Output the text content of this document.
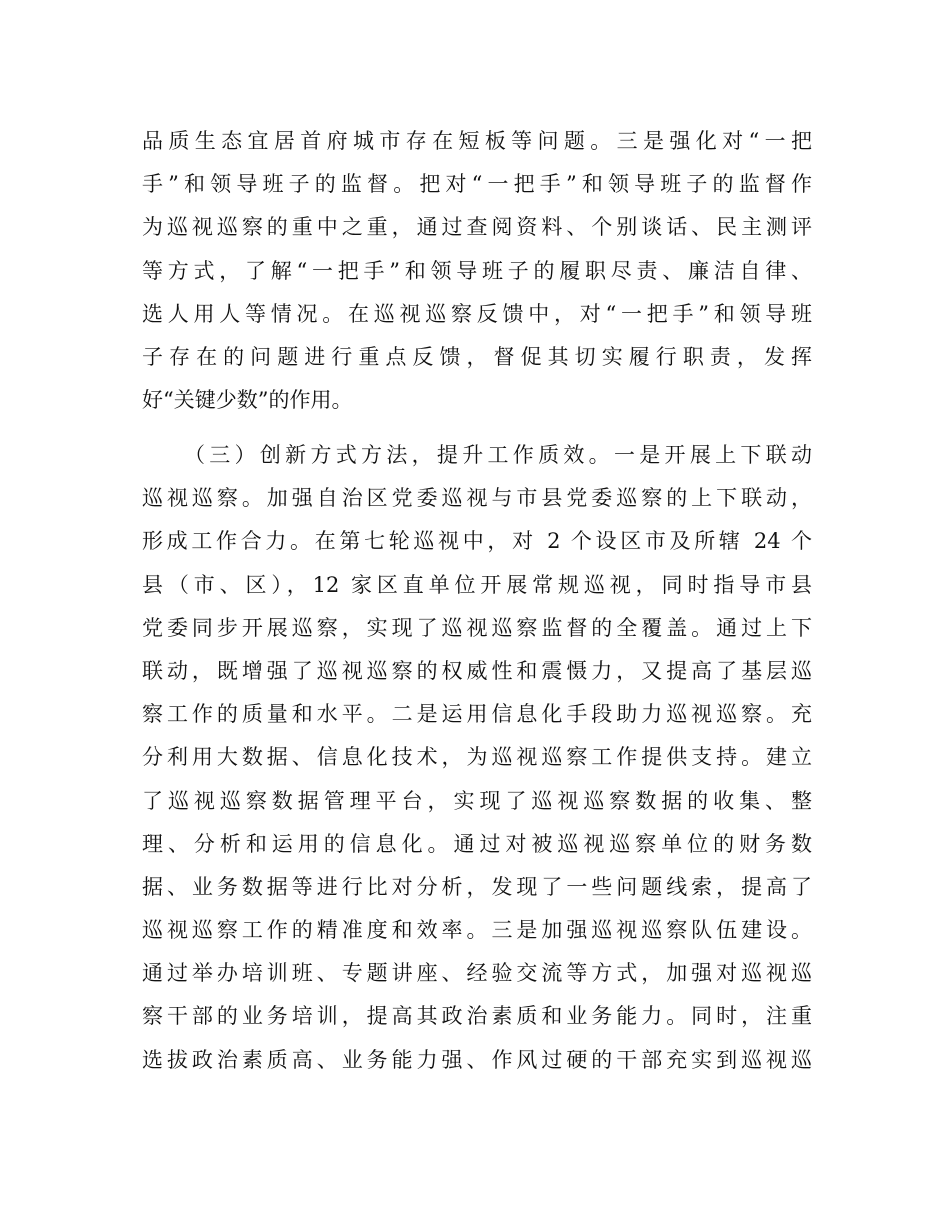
品质生态宜居首府城市存在短板等问题。三是强化对“一把
手”和领导班子的监督。把对“一把手”和领导班子的监督作
为巡视巡察的重中之重，通过查阅资料、个别谈话、民主测评
等方式，了解“一把手”和领导班子的履职尽责、廉洁自律、
选人用人等情况。在巡视巡察反馈中，对“一把手”和领导班
子存在的问题进行重点反馈，督促其切实履行职责，发挥
好“关键少数”的作用。
（三）创新方式方法，提升工作质效。一是开展上下联动
巡视巡察。加强自治区党委巡视与市县党委巡察的上下联动，
形成工作合力。在第七轮巡视中，对 2 个设区市及所辖 24 个
县（市、区），12 家区直单位开展常规巡视，同时指导市县
党委同步开展巡察，实现了巡视巡察监督的全覆盖。通过上下
联动，既增强了巡视巡察的权威性和震慑力，又提高了基层巡
察工作的质量和水平。二是运用信息化手段助力巡视巡察。充
分利用大数据、信息化技术，为巡视巡察工作提供支持。建立
了巡视巡察数据管理平台，实现了巡视巡察数据的收集、整
理、分析和运用的信息化。通过对被巡视巡察单位的财务数
据、业务数据等进行比对分析，发现了一些问题线索，提高了
巡视巡察工作的精准度和效率。三是加强巡视巡察队伍建设。
通过举办培训班、专题讲座、经验交流等方式，加强对巡视巡
察干部的业务培训，提高其政治素质和业务能力。同时，注重
选拔政治素质高、业务能力强、作风过硬的干部充实到巡视巡
